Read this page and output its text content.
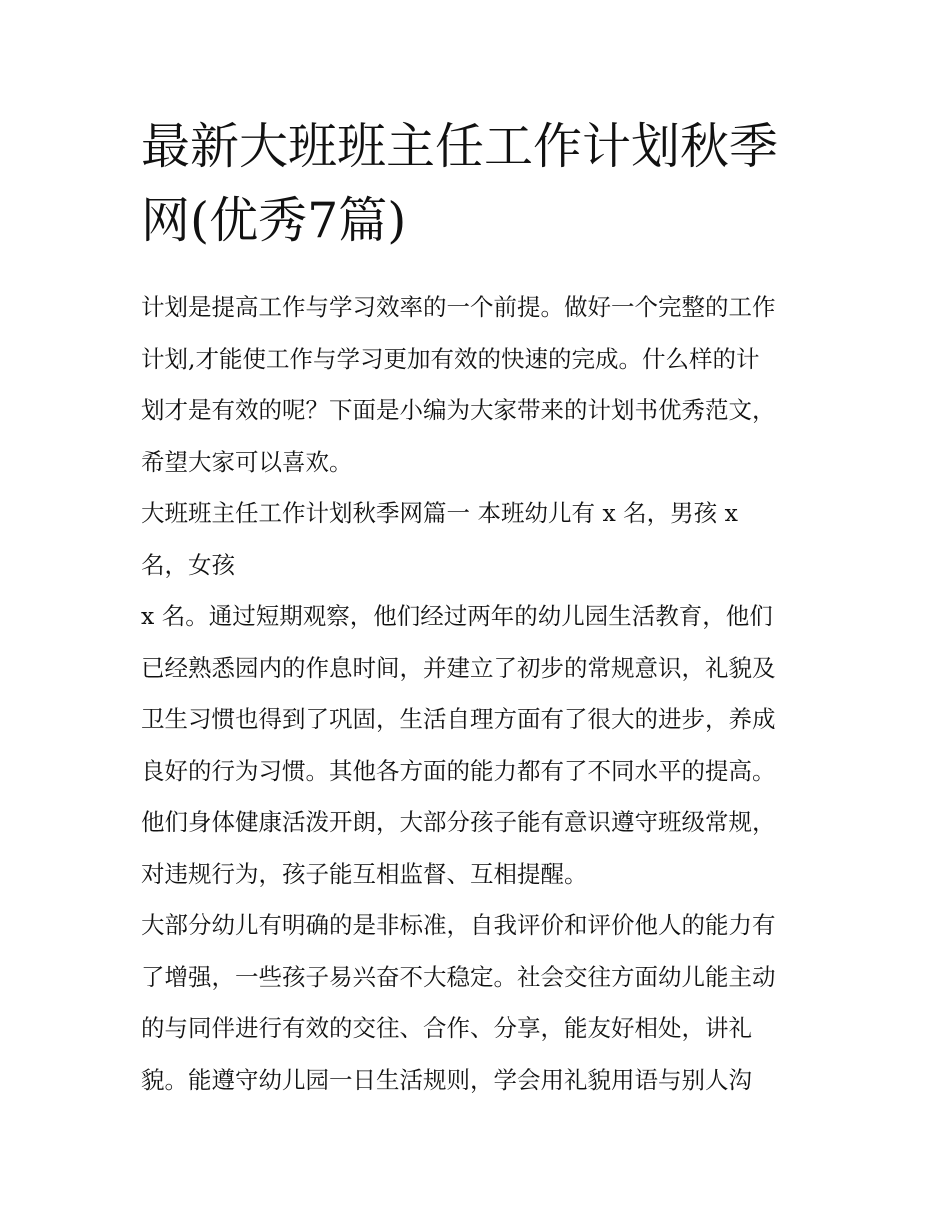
最新大班班主任工作计划秋季
网(优秀7篇)
计划是提高工作与学习效率的一个前提。做好一个完整的工作
计划,才能使工作与学习更加有效的快速的完成。什么样的计
划才是有效的呢？下面是小编为大家带来的计划书优秀范文，
希望大家可以喜欢。
大班班主任工作计划秋季网篇一 本班幼儿有 x 名，男孩 x
名，女孩
x 名。通过短期观察，他们经过两年的幼儿园生活教育，他们
已经熟悉园内的作息时间，并建立了初步的常规意识，礼貌及
卫生习惯也得到了巩固，生活自理方面有了很大的进步，养成
良好的行为习惯。其他各方面的能力都有了不同水平的提高。
他们身体健康活泼开朗，大部分孩子能有意识遵守班级常规，
对违规行为，孩子能互相监督、互相提醒。
大部分幼儿有明确的是非标准，自我评价和评价他人的能力有
了增强，一些孩子易兴奋不大稳定。社会交往方面幼儿能主动
的与同伴进行有效的交往、合作、分享，能友好相处，讲礼
貌。能遵守幼儿园一日生活规则，学会用礼貌用语与别人沟
